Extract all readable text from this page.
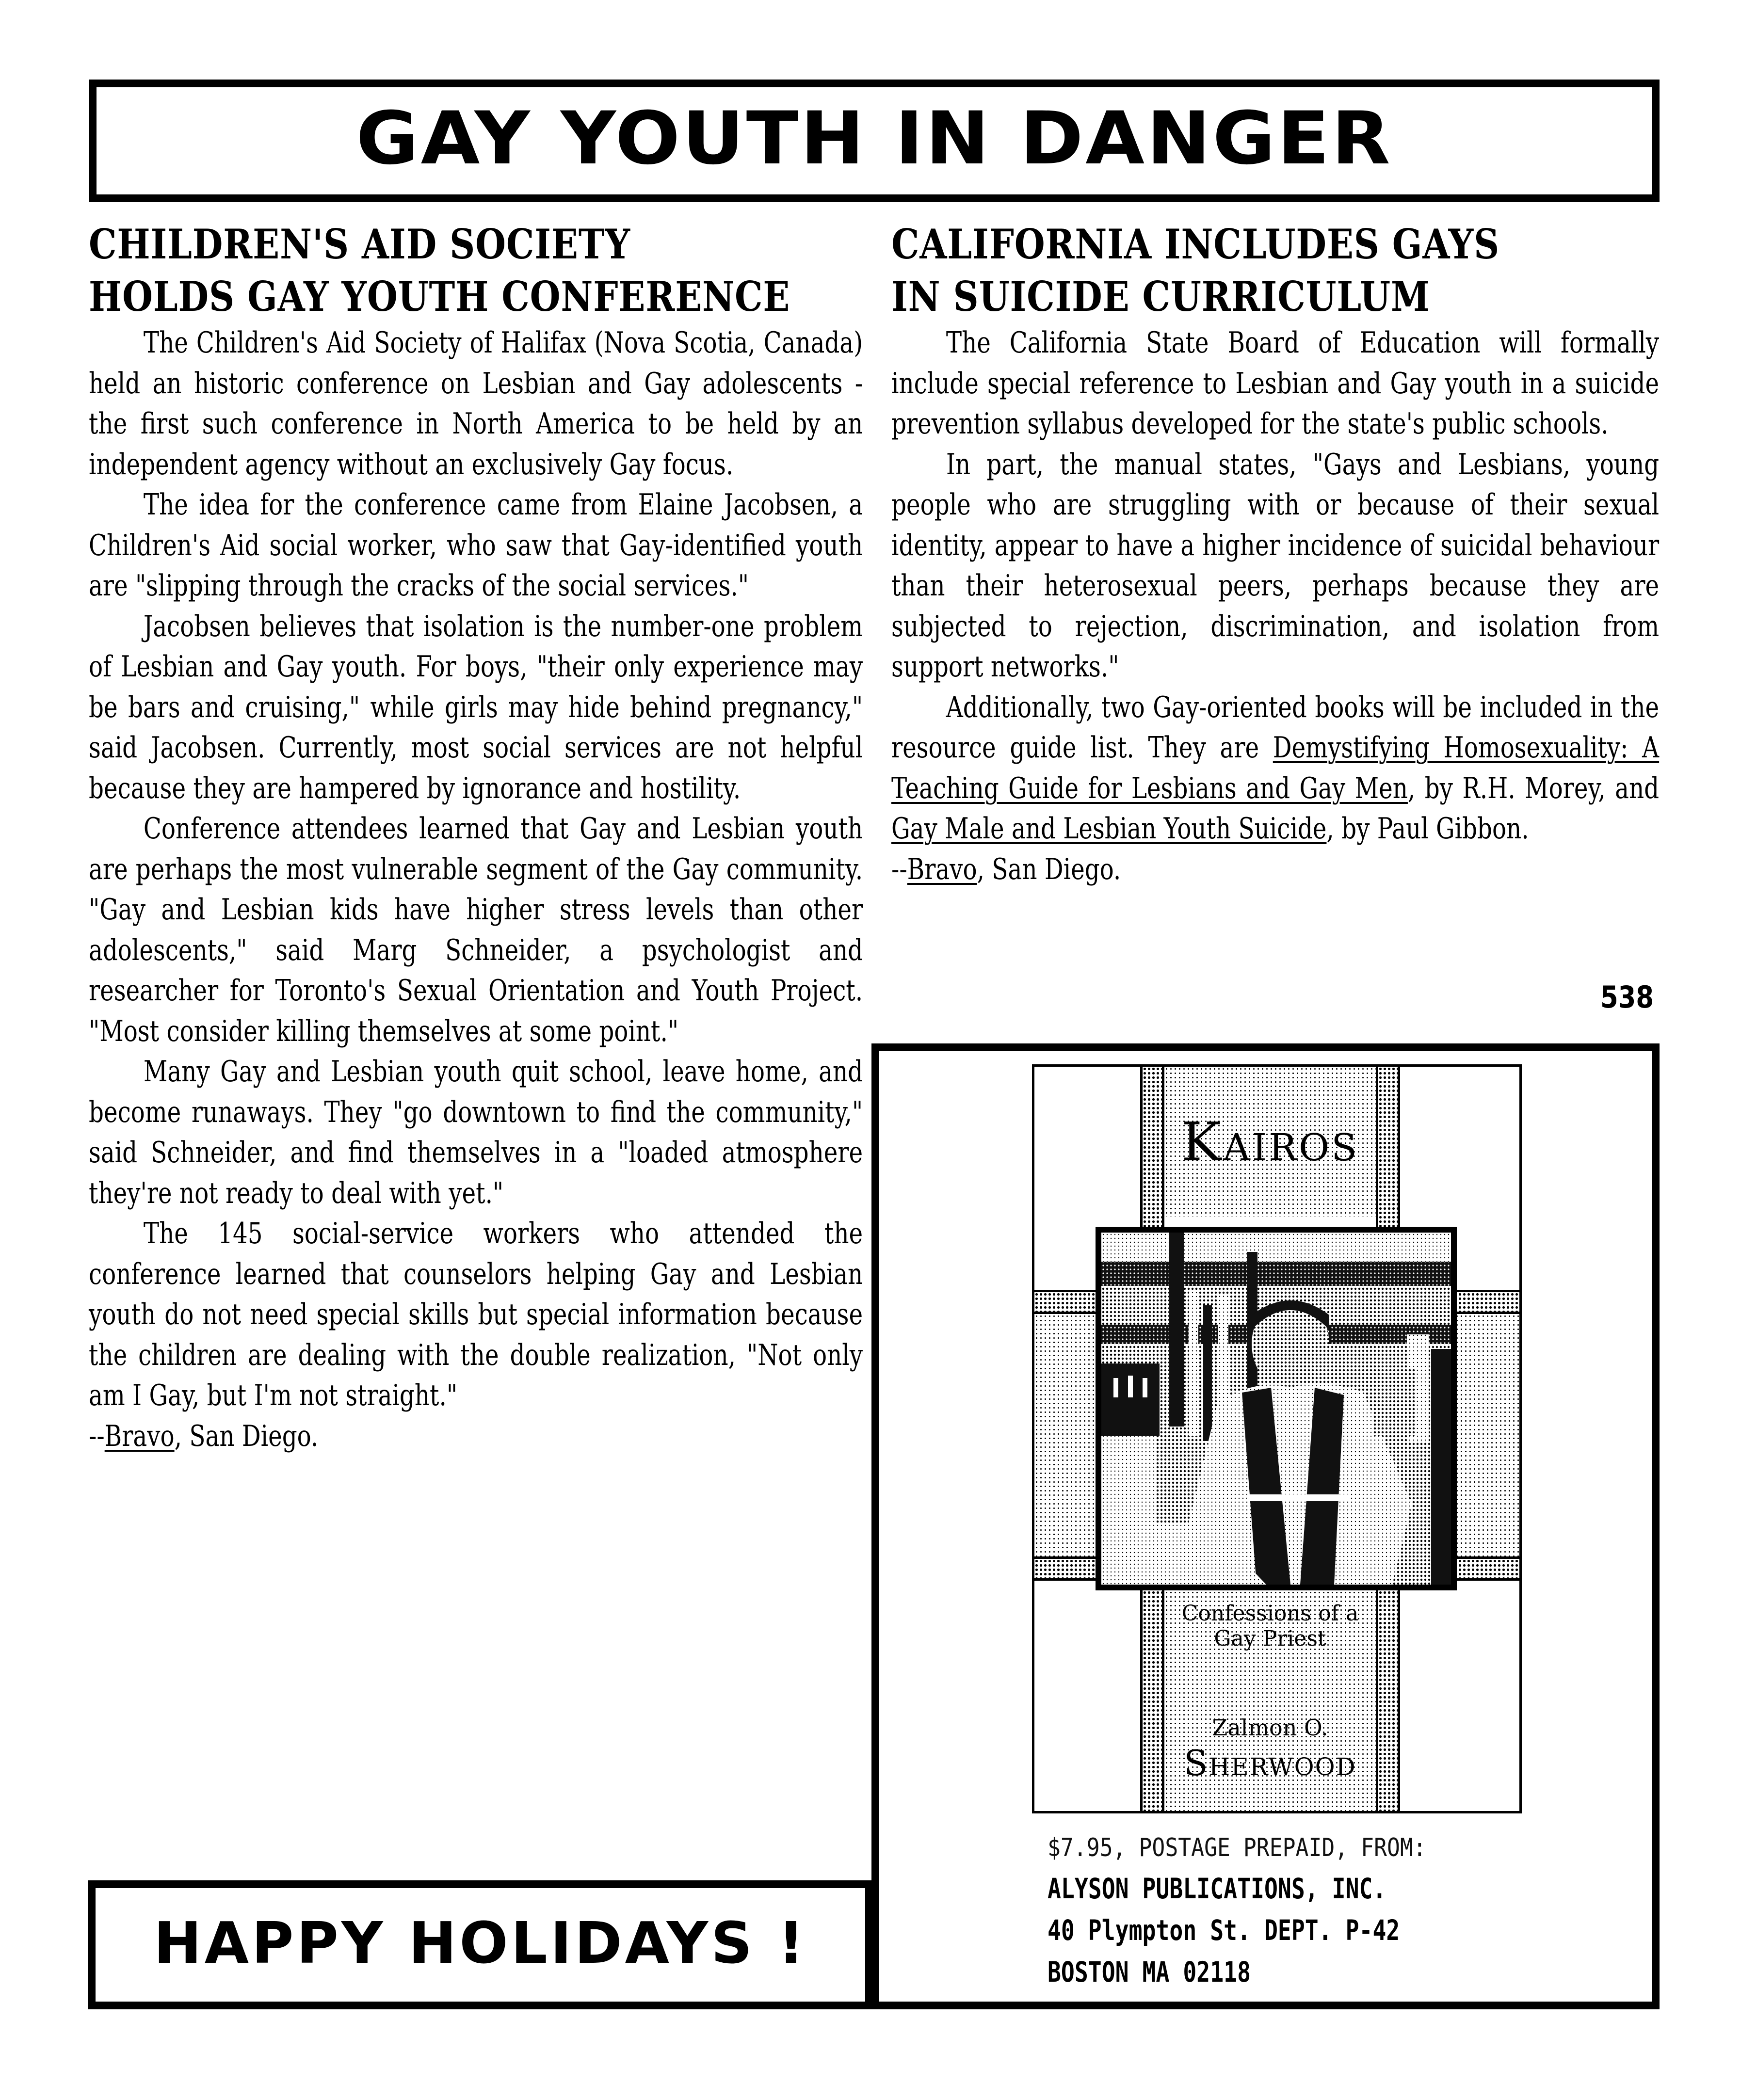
GAY YOUTH IN DANGER
CHILDREN'S AID SOCIETY
HOLDS GAY YOUTH CONFERENCE

The Children's Aid Society of Halifax (Nova Scotia, Canada) held an historic conference on Lesbian and Gay adolescents - the first such conference in North America to be held by an independent agency without an exclusively Gay focus.

The idea for the conference came from Elaine Jacobsen, a Children's Aid social worker, who saw that Gay-identified youth are "slipping through the cracks of the social services."

Jacobsen believes that isolation is the number-one problem of Lesbian and Gay youth. For boys, "their only experience may be bars and cruising," while girls may hide behind pregnancy," said Jacobsen. Currently, most social services are not helpful because they are hampered by ignorance and hostility.

Conference attendees learned that Gay and Lesbian youth are perhaps the most vulnerable segment of the Gay community. "Gay and Lesbian kids have higher stress levels than other adolescents," said Marg Schneider, a psychologist and researcher for Toronto's Sexual Orientation and Youth Project. "Most consider killing themselves at some point."

Many Gay and Lesbian youth quit school, leave home, and become runaways. They "go downtown to find the community," said Schneider, and find themselves in a "loaded atmosphere they're not ready to deal with yet."

The 145 social-service workers who attended the conference learned that counselors helping Gay and Lesbian youth do not need special skills but special information because the children are dealing with the double realization, "Not only am I Gay, but I'm not straight."

--Bravo, San Diego.

CALIFORNIA INCLUDES GAYS
IN SUICIDE CURRICULUM

The California State Board of Education will formally include special reference to Lesbian and Gay youth in a suicide prevention syllabus developed for the state's public schools.

In part, the manual states, "Gays and Lesbians, young people who are struggling with or because of their sexual identity, appear to have a higher incidence of suicidal behaviour than their heterosexual peers, perhaps because they are subjected to rejection, discrimination, and isolation from support networks."

Additionally, two Gay-oriented books will be included in the resource guide list. They are Demystifying Homosexuality: A Teaching Guide for Lesbians and Gay Men, by R.H. Morey, and Gay Male and Lesbian Youth Suicide, by Paul Gibbon.

--Bravo, San Diego.

538
Kairos
Confessions of a
Gay Priest
Zalmon O.
Sherwood
$7.95, POSTAGE PREPAID, FROM:
ALYSON PUBLICATIONS, INC.
40 Plympton St. DEPT. P-42
BOSTON MA 02118
HAPPY HOLIDAYS !
